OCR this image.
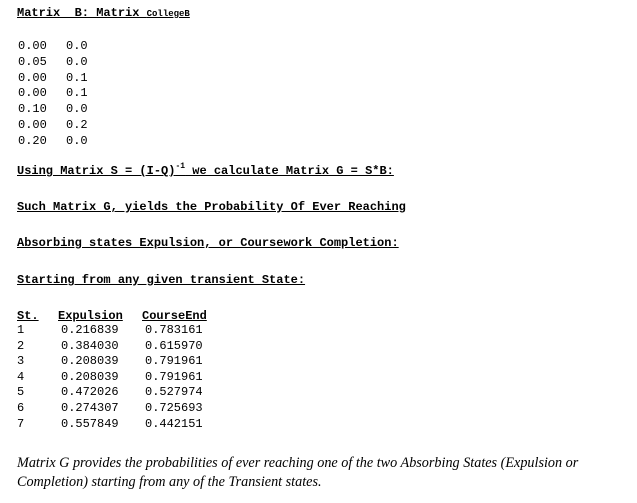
Matrix  B: Matrix CollegeB
0.00 0.0
0.05 0.0
0.00 0.1
0.00 0.1
0.10 0.0
0.00 0.2
0.20 0.0
Using Matrix $S = (I-Q)^{-1}$ we calculate Matrix G = S*B:
Such Matrix G, yields the Probability Of Ever Reaching
Absorbing states Expulsion, or Coursework Completion:
Starting from any given transient State:
St. Expulsion CourseEnd
1	0.216839 0.783161
2	0.384030 0.615970
3	0.208039 0.791961
4	0.208039 0.791961
5	0.472026 0.527974
6	0.274307 0.725693
7	0.557849 0.442151
Matrix G provides the probabilities of ever reaching one of the two Absorbing States (Expulsion or Completion) starting from any of the Transient states.
